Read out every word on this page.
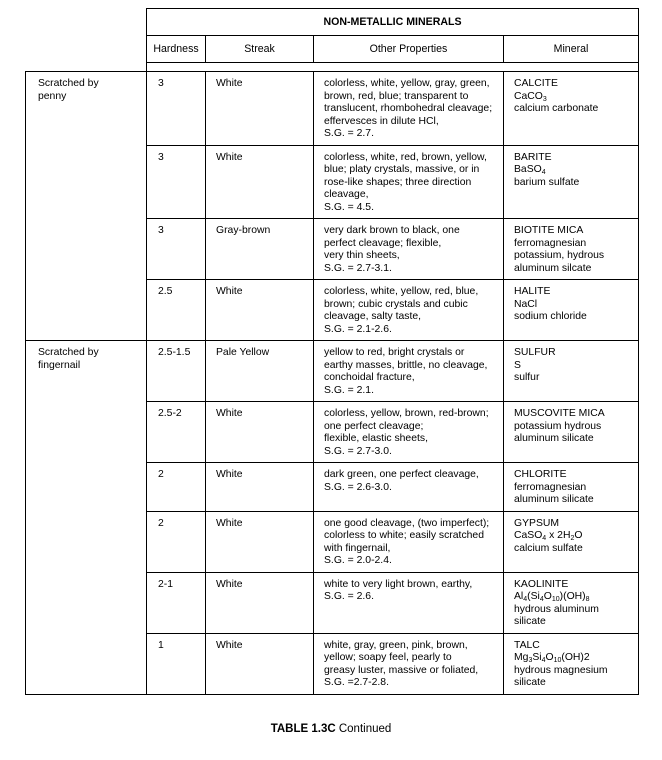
	NON-METALLIC MINERALS			
	Hardness	Streak	Other Properties	Mineral

Scratched by penny	3	White	colorless, white, yellow, gray, green,
brown, red, blue; transparent to
translucent, rhombohedral cleavage;
effervesces in dilute HCl,
S.G. = 2.7.	CALCITE
CaCO$_3$
calcium carbonate

	3	White	colorless, white, red, brown, yellow,
blue; platy crystals, massive, or in
rose-like shapes; three direction
cleavage,
S.G. = 4.5.	BARITE
BaSO$_4$
barium sulfate

	3	Gray-brown	very dark brown to black, one
perfect cleavage; flexible,
very thin sheets,
S.G. = 2.7-3.1.	BIOTITE MICA
ferromagnesian potassium, hydrous aluminum silcate

	2.5	White	colorless, white, yellow, red, blue,
brown; cubic crystals and cubic
cleavage, salty taste,
S.G. = 2.1-2.6.	HALITE
NaCl
sodium chloride

Scratched by fingernail	2.5-1.5	Pale Yellow	yellow to red, bright crystals or
earthy masses, brittle, no cleavage,
conchoidal fracture,
S.G. = 2.1.	SULFUR
S
sulfur

	2.5-2	White	colorless, yellow, brown, red-brown;
one perfect cleavage;
flexible, elastic sheets,
S.G. = 2.7-3.0.	MUSCOVITE MICA
potassium hydrous aluminum silicate

	2	White	dark green, one perfect cleavage,
S.G. = 2.6-3.0.	CHLORITE
ferromagnesian aluminum silicate

	2	White	one good cleavage, (two imperfect);
colorless to white; easily scratched
with fingernail,
S.G. = 2.0-2.4.	GYPSUM
CaSO$_4$ x $2H_2O$
calcium sulfate

	2-1	White	white to very light brown, earthy,
S.G. = 2.6.	KAOLINITE
$Al_4(Si_4O_{10})(OH)_8$
hydrous aluminum silicate

	1	White	white, gray, green, pink, brown,
yellow; soapy feel, pearly to
greasy luster, massive or foliated,
S.G. =2.7-2.8.	TALC
$Mg_3Si_4O_{10}(OH)2$
hydrous magnesium silicate
TABLE 1.3C Continued
